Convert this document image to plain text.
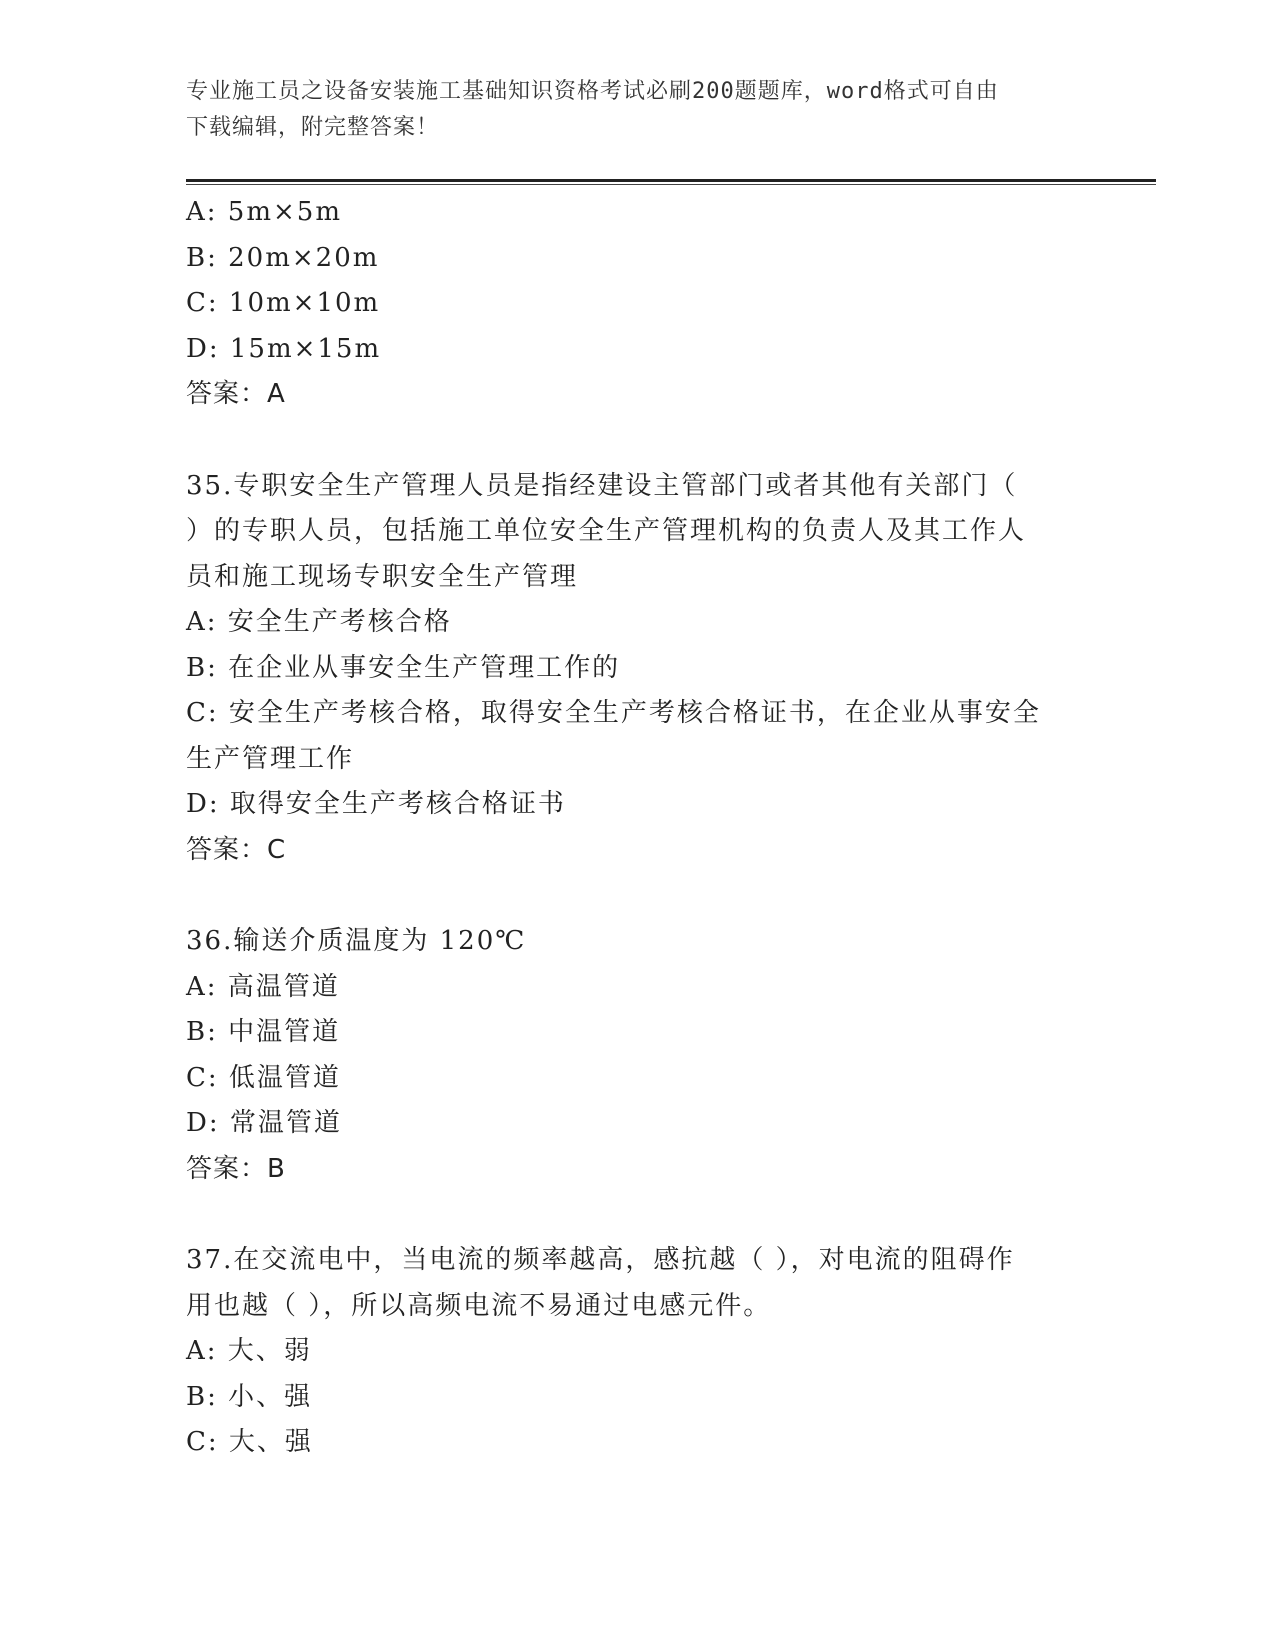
专业施工员之设备安装施工基础知识资格考试必刷200题题库，word格式可自由
下载编辑，附完整答案！
A: 5m×5m
B: 20m×20m
C: 10m×10m
D: 15m×15m
答案：A
35.专职安全生产管理人员是指经建设主管部门或者其他有关部门（
）的专职人员，包括施工单位安全生产管理机构的负责人及其工作人
员和施工现场专职安全生产管理
A: 安全生产考核合格
B: 在企业从事安全生产管理工作的
C: 安全生产考核合格，取得安全生产考核合格证书，在企业从事安全
生产管理工作
D: 取得安全生产考核合格证书
答案：C
36.输送介质温度为 120℃
A: 高温管道
B: 中温管道
C: 低温管道
D: 常温管道
答案：B
37.在交流电中，当电流的频率越高，感抗越（ ），对电流的阻碍作
用也越（ ），所以高频电流不易通过电感元件。
A: 大、弱
B: 小、强
C: 大、强
